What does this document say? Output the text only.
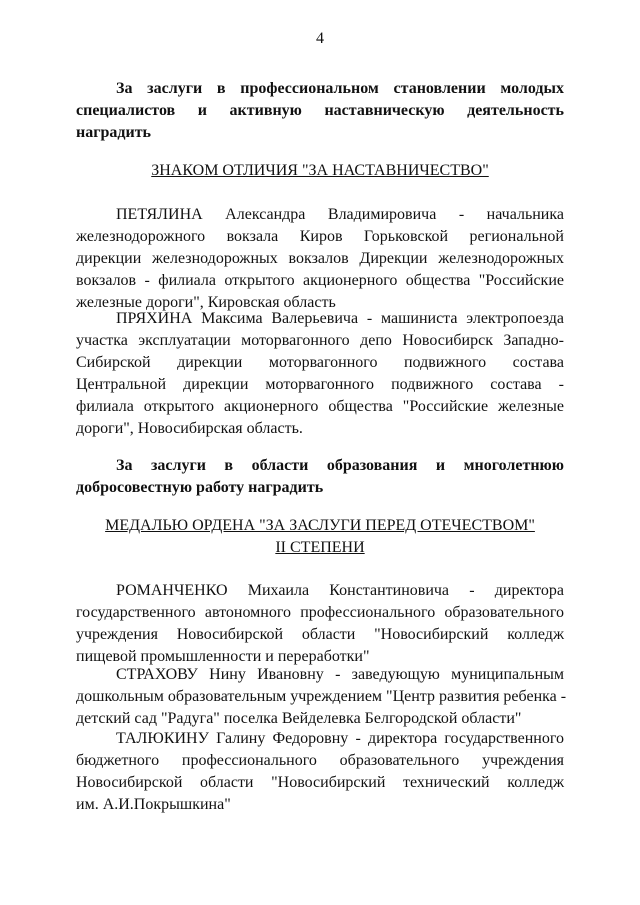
4
За заслуги в профессиональном становлении молодых
специалистов и активную наставническую деятельность
наградить
ЗНАКОМ ОТЛИЧИЯ "ЗА НАСТАВНИЧЕСТВО"
ПЕТЯЛИНА Александра Владимировича - начальника
железнодорожного вокзала Киров Горьковской региональной
дирекции железнодорожных вокзалов Дирекции железнодорожных
вокзалов - филиала открытого акционерного общества "Российские
железные дороги", Кировская область
ПРЯХИНА Максима Валерьевича - машиниста электропоезда
участка эксплуатации моторвагонного депо Новосибирск Западно-
Сибирской дирекции моторвагонного подвижного состава
Центральной дирекции моторвагонного подвижного состава -
филиала открытого акционерного общества "Российские железные
дороги", Новосибирская область.
За заслуги в области образования и многолетнюю
добросовестную работу наградить
МЕДАЛЬЮ ОРДЕНА "ЗА ЗАСЛУГИ ПЕРЕД ОТЕЧЕСТВОМ"
II СТЕПЕНИ
РОМАНЧЕНКО Михаила Константиновича - директора
государственного автономного профессионального образовательного
учреждения Новосибирской области "Новосибирский колледж
пищевой промышленности и переработки"
СТРАХОВУ Нину Ивановну - заведующую муниципальным
дошкольным образовательным учреждением "Центр развития ребенка -
детский сад "Радуга" поселка Вейделевка Белгородской области"
ТАЛЮКИНУ Галину Федоровну - директора государственного
бюджетного профессионального образовательного учреждения
Новосибирской области "Новосибирский технический колледж
им. А.И.Покрышкина"
